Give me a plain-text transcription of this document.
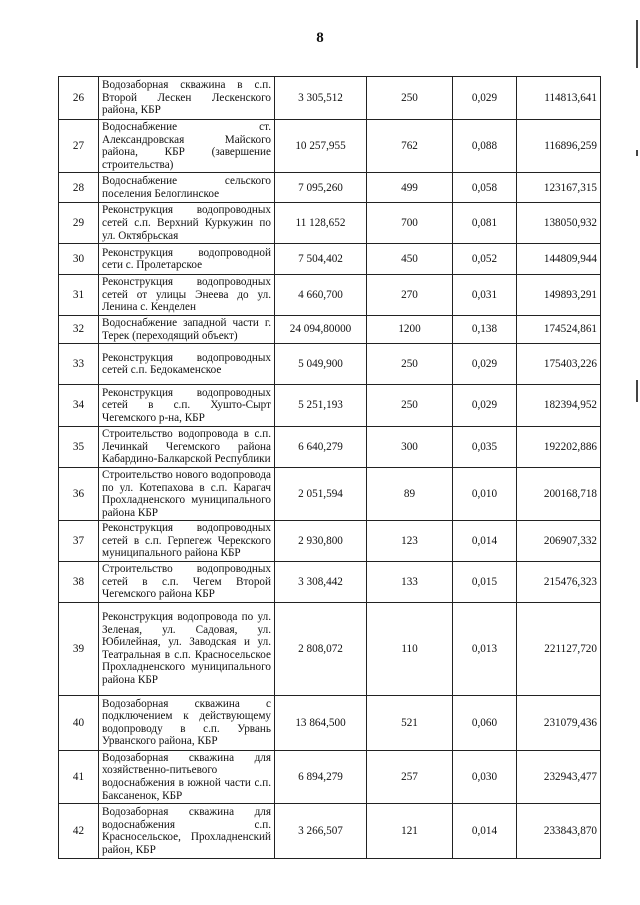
8
26	Водозаборная скважина в с.п. Второй Лескен Лескенского района, КБР	3 305,512	250	0,029	114813,641
27	Водоснабжение ст. Александровская Майского района, КБР (завершение строительства)	10 257,955	762	0,088	116896,259
28	Водоснабжение сельского поселения Белоглинское	7 095,260	499	0,058	123167,315
29	Реконструкция водопроводных сетей с.п. Верхний Куркужин по ул. Октябрьская	11 128,652	700	0,081	138050,932
30	Реконструкция водопроводной сети с. Пролетарское	7 504,402	450	0,052	144809,944
31	Реконструкция водопроводных сетей от улицы Энеева до ул. Ленина с. Кенделен	4 660,700	270	0,031	149893,291
32	Водоснабжение западной части г. Терек (переходящий объект)	24 094,80000	1200	0,138	174524,861
33	Реконструкция водопроводных сетей с.п. Бедокаменское	5 049,900	250	0,029	175403,226
34	Реконструкция водопроводных сетей в с.п. Хушто-Сырт Чегемского р-на, КБР	5 251,193	250	0,029	182394,952
35	Строительство водопровода в с.п. Лечинкай Чегемского района Кабардино-Балкарской Республики	6 640,279	300	0,035	192202,886
36	Строительство нового водопровода по ул. Котепахова в с.п. Карагач Прохладненского муниципального района КБР	2 051,594	89	0,010	200168,718
37	Реконструкция водопроводных сетей в с.п. Герпегеж Черекского муниципального района КБР	2 930,800	123	0,014	206907,332
38	Строительство водопроводных сетей в с.п. Чегем Второй Чегемского района КБР	3 308,442	133	0,015	215476,323
39	Реконструкция водопровода по ул. Зеленая, ул. Садовая, ул. Юбилейная, ул. Заводская и ул. Театральная в с.п. Красносельское Прохладненского муниципального района КБР	2 808,072	110	0,013	221127,720
40	Водозаборная скважина с подключением к действующему водопроводу в с.п. Урвань Урванского района, КБР	13 864,500	521	0,060	231079,436
41	Водозаборная скважина для хозяйственно-питьевого водоснабжения в южной части с.п. Баксаненок, КБР	6 894,279	257	0,030	232943,477
42	Водозаборная скважина для водоснабжения с.п. Красносельское, Прохладненский район, КБР	3 266,507	121	0,014	233843,870
